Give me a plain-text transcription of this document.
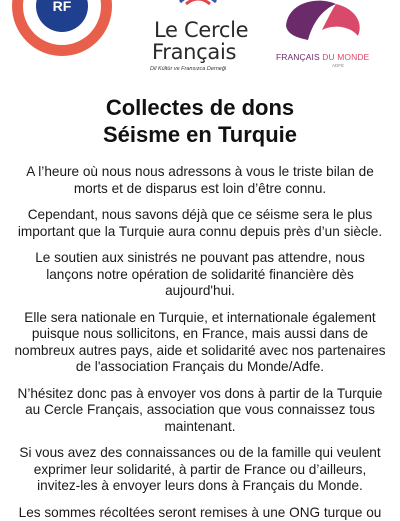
RF
Le Cercle
Français
Dil Kültür ve Fransızca Derneği
FRANÇAIS DU MONDE
ADFE
Collectes de dons
Séisme en Turquie

A l’heure où nous nous adressons à vous le triste bilan de morts et de disparus est loin d’être connu.

Cependant, nous savons déjà que ce séisme sera le plus important que la Turquie aura connu depuis près d’un siècle.

Le soutien aux sinistrés ne pouvant pas attendre, nous lançons notre opération de solidarité financière dès aujourd'hui.

Elle sera nationale en Turquie, et internationale également puisque nous sollicitons, en France, mais aussi dans de nombreux autres pays, aide et solidarité avec nos partenaires de l'association Français du Monde/Adfe.

N’hésitez donc pas à envoyer vos dons à partir de la Turquie au Cercle Français, association que vous connaissez tous maintenant.

Si vous avez des connaissances ou de la famille qui veulent exprimer leur solidarité, à partir de France ou d’ailleurs, invitez-les à envoyer leurs dons à Français du Monde.

Les sommes récoltées seront remises à une ONG turque ou
